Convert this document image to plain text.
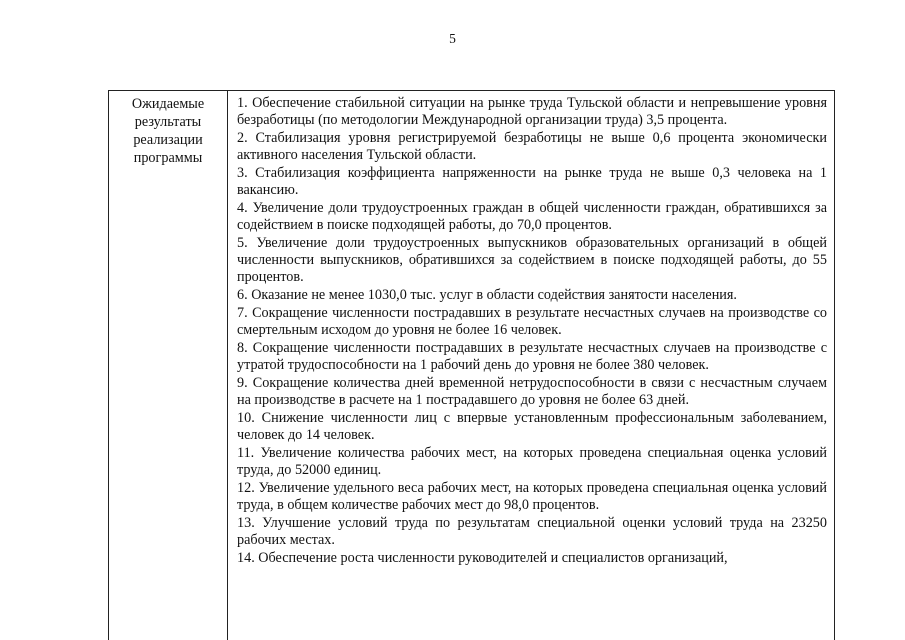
5
Ожидаемые
результаты
реализации
программы

1. Обеспечение стабильной ситуации на рынке труда Тульской области и непревышение уровня безработицы (по методологии Международной организации труда) 3,5 процента.

2. Стабилизация уровня регистрируемой безработицы не выше 0,6 процента экономически активного населения Тульской области.

3. Стабилизация коэффициента напряженности на рынке труда не выше 0,3 человека на 1 вакансию.

4. Увеличение доли трудоустроенных граждан в общей численности граждан, обратившихся за содействием в поиске подходящей работы, до 70,0 процентов.

5. Увеличение доли трудоустроенных выпускников образовательных организаций в общей численности выпускников, обратившихся за содействием в поиске подходящей работы, до 55 процентов.

6. Оказание не менее 1030,0 тыс. услуг в области содействия занятости населения.

7. Сокращение численности пострадавших в результате несчастных случаев на производстве со смертельным исходом до уровня не более 16 человек.

8. Сокращение численности пострадавших в результате несчастных случаев на производстве с утратой трудоспособности на 1 рабочий день до уровня не более 380 человек.

9. Сокращение количества дней временной нетрудоспособности в связи с несчастным случаем на производстве в расчете на 1 пострадавшего до уровня не более 63 дней.

10. Снижение численности лиц с впервые установленным профессиональным заболеванием, человек до 14 человек.

11. Увеличение количества рабочих мест, на которых проведена специальная оценка условий труда, до 52000 единиц.

12. Увеличение удельного веса рабочих мест, на которых проведена специальная оценка условий труда, в общем количестве рабочих мест до 98,0 процентов.

13. Улучшение условий труда по результатам специальной оценки условий труда на 23250 рабочих местах.

14. Обеспечение роста численности руководителей и специалистов организаций,
